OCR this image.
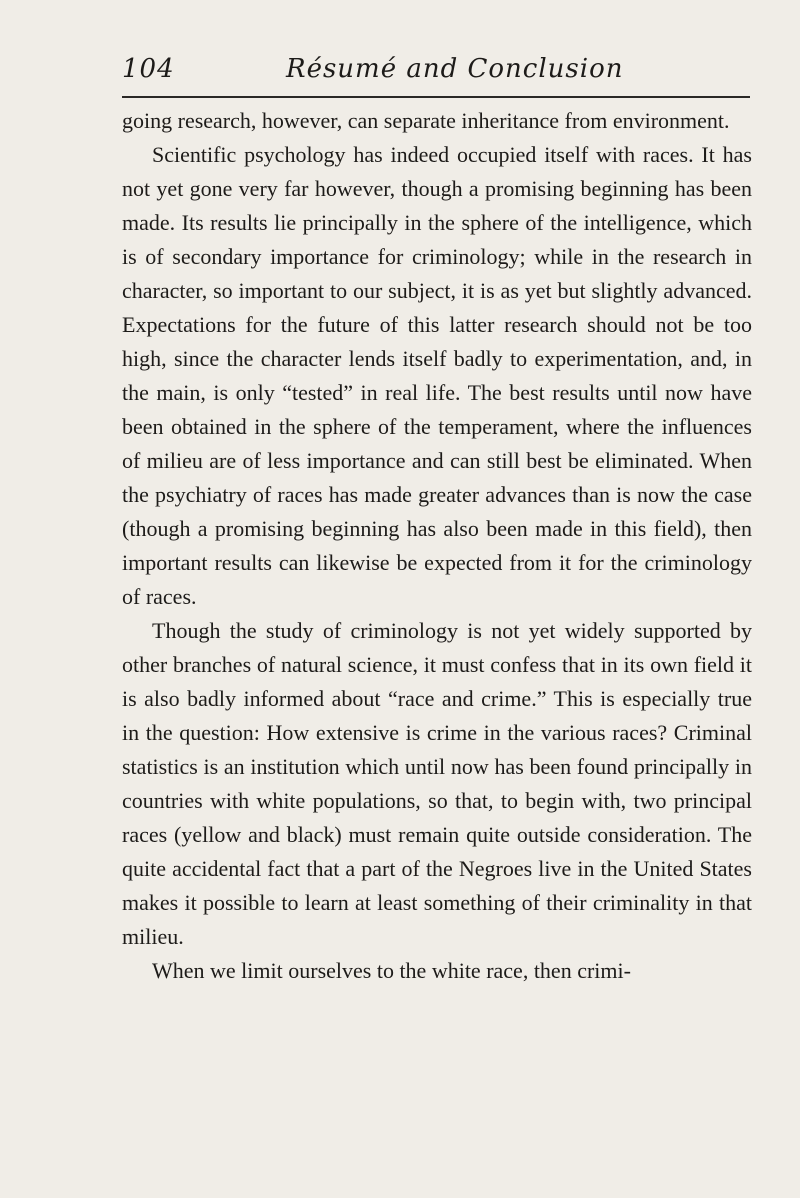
104	Résumé and Conclusion

going research, however, can separate inheritance from environment.

Scientific psychology has indeed occupied itself with races. It has not yet gone very far however, though a promising beginning has been made. Its results lie principally in the sphere of the intelligence, which is of secondary importance for criminology; while in the research in character, so important to our subject, it is as yet but slightly advanced. Expectations for the future of this latter research should not be too high, since the character lends itself badly to experimentation, and, in the main, is only “tested” in real life. The best results until now have been obtained in the sphere of the temperament, where the influences of milieu are of less importance and can still best be eliminated. When the psychiatry of races has made greater advances than is now the case (though a promising beginning has also been made in this field), then important results can likewise be expected from it for the criminology of races.

Though the study of criminology is not yet widely supported by other branches of natural science, it must confess that in its own field it is also badly informed about “race and crime.” This is especially true in the question: How extensive is crime in the various races? Criminal statistics is an institution which until now has been found principally in countries with white populations, so that, to begin with, two principal races (yellow and black) must remain quite outside consideration. The quite accidental fact that a part of the Negroes live in the United States makes it possible to learn at least something of their criminality in that milieu.

When we limit ourselves to the white race, then crimi-
